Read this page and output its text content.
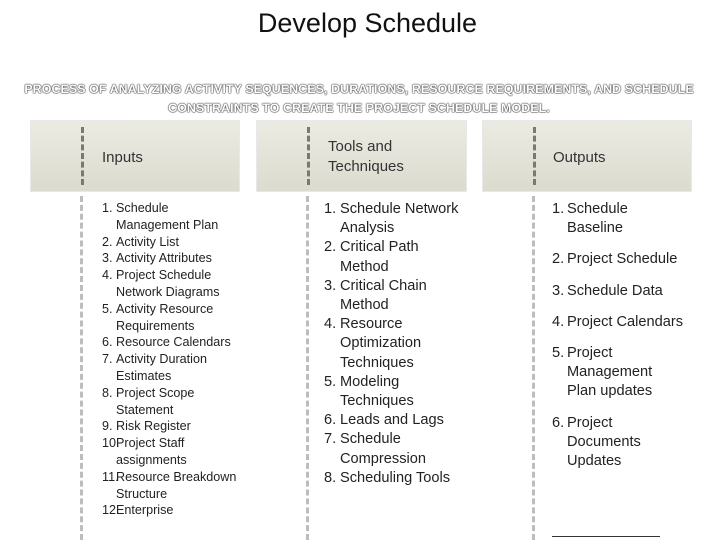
Develop Schedule
PROCESS OF ANALYZING ACTIVITY SEQUENCES, DURATIONS, RESOURCE REQUIREMENTS, AND SCHEDULE
CONSTRAINTS TO CREATE THE PROJECT SCHEDULE MODEL.
Inputs
1. Schedule Management Plan
2. Activity List
3. Activity Attributes
4. Project Schedule Network Diagrams
5. Activity Resource Requirements
6. Resource Calendars
7. Activity Duration Estimates
8. Project Scope Statement
9. Risk Register
10.
Project Staff assignments
11.
Resource Breakdown Structure
12.
Enterprise
Tools and
Techniques
1. Schedule Network Analysis
2. Critical Path Method
3. Critical Chain Method
4. Resource Optimization Techniques
5. Modeling Techniques
6. Leads and Lags
7. Schedule Compression
8. Scheduling Tools
Outputs
1. Schedule Baseline
2. Project Schedule
3. Schedule Data
4. Project Calendars
5. Project Management Plan updates
6. Project Documents Updates
